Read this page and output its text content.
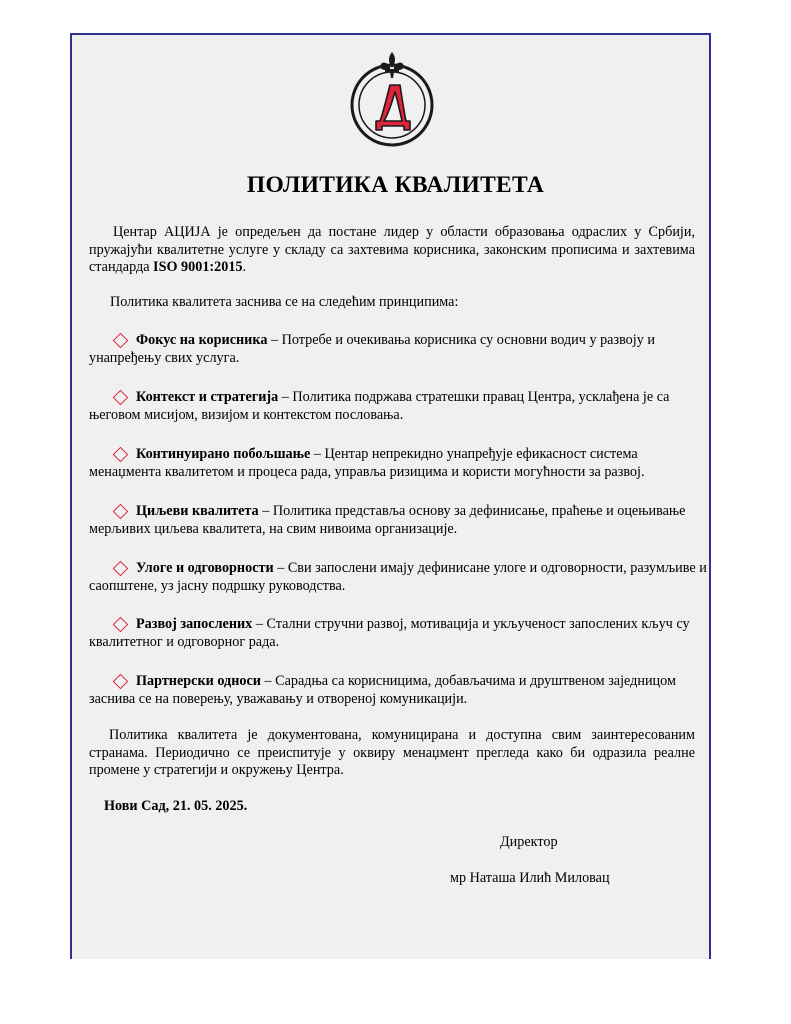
ПОЛИТИКА КВАЛИТЕТА
Центар АЦИЈА је опредељен да постане лидер у области образовања одраслих у Србији, пружајући квалитетне услуге у складу са захтевима корисника, законским прописима и захтевима стандарда ISO 9001:2015.
Политика квалитета заснива се на следећим принципима:
Фокус на корисника – Потребе и очекивања корисника су основни водич у развоју и унапређењу свих услуга.
Контекст и стратегија – Политика подржава стратешки правац Центра, усклађена је са његовом мисијом, визијом и контекстом пословања.
Континуирано побољшање – Центар непрекидно унапређује ефикасност система менаџмента квалитетом и процеса рада, управља ризицима и користи могућности за развој.
Циљеви квалитета – Политика представља основу за дефинисање, праћење и оцењивање мерљивих циљева квалитета, на свим нивоима организације.
Улоге и одговорности – Сви запослени имају дефинисане улоге и одговорности, разумљиве и саопштене, уз јасну подршку руководства.
Развој запослених – Стални стручни развој, мотивација и укљученост запослених кључ су квалитетног и одговорног рада.
Партнерски односи – Сарадња са корисницима, добављачима и друштвеном заједницом заснива се на поверењу, уважавању и отвореној комуникацији.
Политика квалитета је документована, комуницирана и доступна свим заинтересованим странама. Периодично се преиспитује у оквиру менаџмент прегледа како би одразила реалне промене у стратегији и окружењу Центра.
Нови Сад, 21. 05. 2025.
Директор
мр Наташа Илић Миловац
